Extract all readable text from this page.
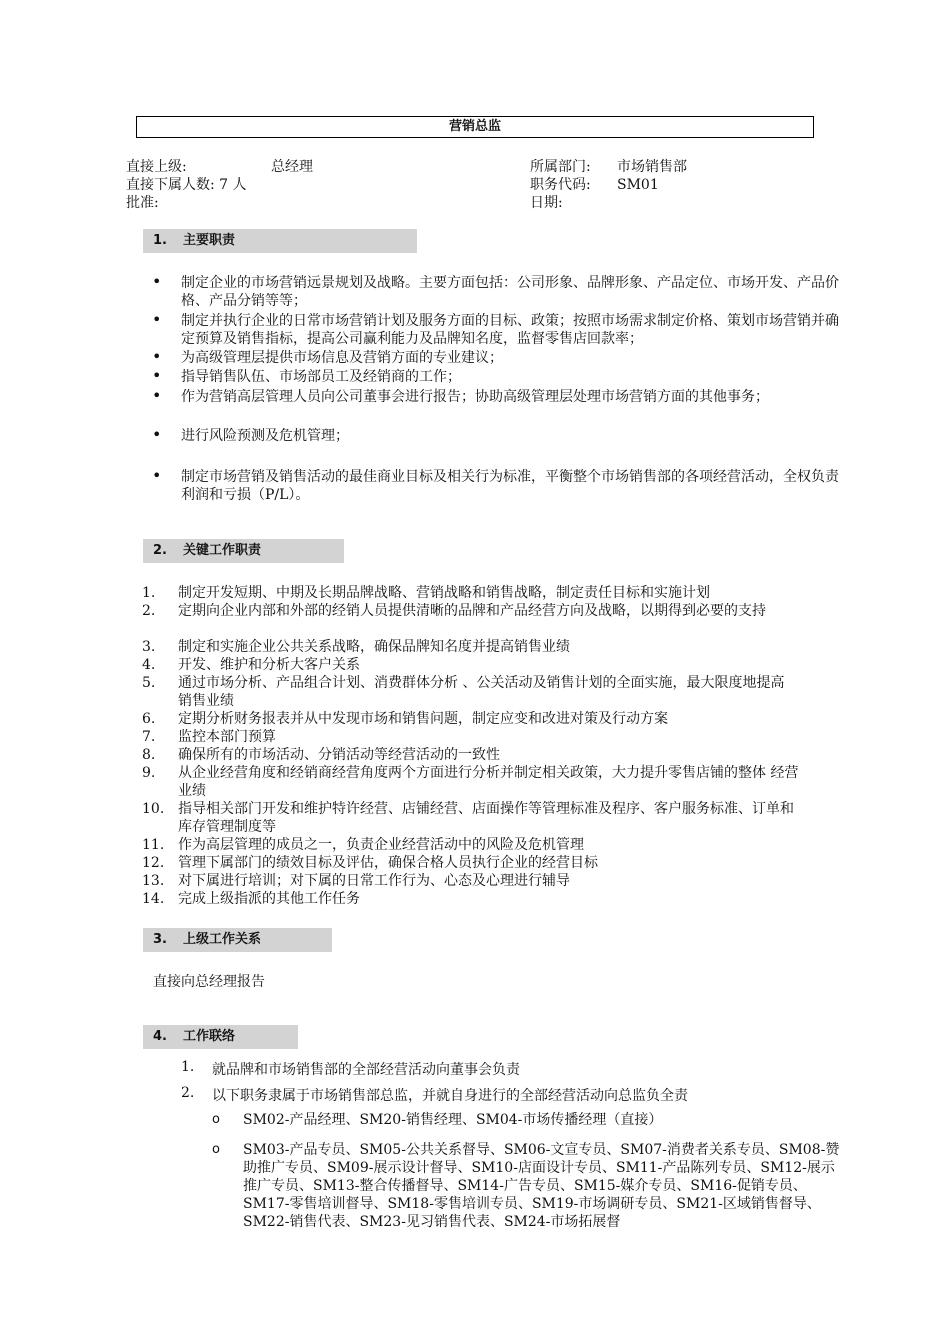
营销总监
直接上级:	总经理	所属部门: 市场销售部
直接下属人数: 7 人	职务代码: SM01
批准:	日期:
1. 主要职责
• 制定企业的市场营销远景规划及战略。主要方面包括：公司形象、品牌形象、产品定位、市场开发、产品价格、产品分销等等；
• 制定并执行企业的日常市场营销计划及服务方面的目标、政策；按照市场需求制定价格、策划市场营销并确定预算及销售指标，提高公司赢利能力及品牌知名度，监督零售店回款率；
• 为高级管理层提供市场信息及营销方面的专业建议；
• 指导销售队伍、市场部员工及经销商的工作；
• 作为营销高层管理人员向公司董事会进行报告；协助高级管理层处理市场营销方面的其他事务；
• 进行风险预测及危机管理；
• 制定市场营销及销售活动的最佳商业目标及相关行为标准，平衡整个市场销售部的各项经营活动，全权负责利润和亏损（P/L）。
2. 关键工作职责
1. 制定开发短期、中期及长期品牌战略、营销战略和销售战略，制定责任目标和实施计划
2. 定期向企业内部和外部的经销人员提供清晰的品牌和产品经营方向及战略，以期得到必要的支持
3. 制定和实施企业公共关系战略，确保品牌知名度并提高销售业绩
4. 开发、维护和分析大客户关系
5. 通过市场分析、产品组合计划、消费群体分析 、公关活动及销售计划的全面实施，最大限度地提高销售业绩
6. 定期分析财务报表并从中发现市场和销售问题，制定应变和改进对策及行动方案
7. 监控本部门预算
8. 确保所有的市场活动、分销活动等经营活动的一致性
9. 从企业经营角度和经销商经营角度两个方面进行分析并制定相关政策，大力提升零售店铺的整体 经营业绩
10. 指导相关部门开发和维护特许经营、店铺经营、店面操作等管理标准及程序、客户服务标准、订单和库存管理制度等
11. 作为高层管理的成员之一，负责企业经营活动中的风险及危机管理
12. 管理下属部门的绩效目标及评估，确保合格人员执行企业的经营目标
13. 对下属进行培训；对下属的日常工作行为、心态及心理进行辅导
14. 完成上级指派的其他工作任务
3. 上级工作关系
直接向总经理报告
4. 工作联络
1. 就品牌和市场销售部的全部经营活动向董事会负责
2. 以下职务隶属于市场销售部总监，并就自身进行的全部经营活动向总监负全责
o SM02-产品经理、SM20-销售经理、SM04-市场传播经理（直接）
o SM03-产品专员、SM05-公共关系督导、SM06-文宣专员、SM07-消费者关系专员、SM08-赞助推广专员、SM09-展示设计督导、SM10-店面设计专员、SM11-产品陈列专员、SM12-展示推广专员、SM13-整合传播督导、SM14-广告专员、SM15-媒介专员、SM16-促销专员、SM17-零售培训督导、SM18-零售培训专员、SM19-市场调研专员、SM21-区域销售督导、SM22-销售代表、SM23-见习销售代表、SM24-市场拓展督
